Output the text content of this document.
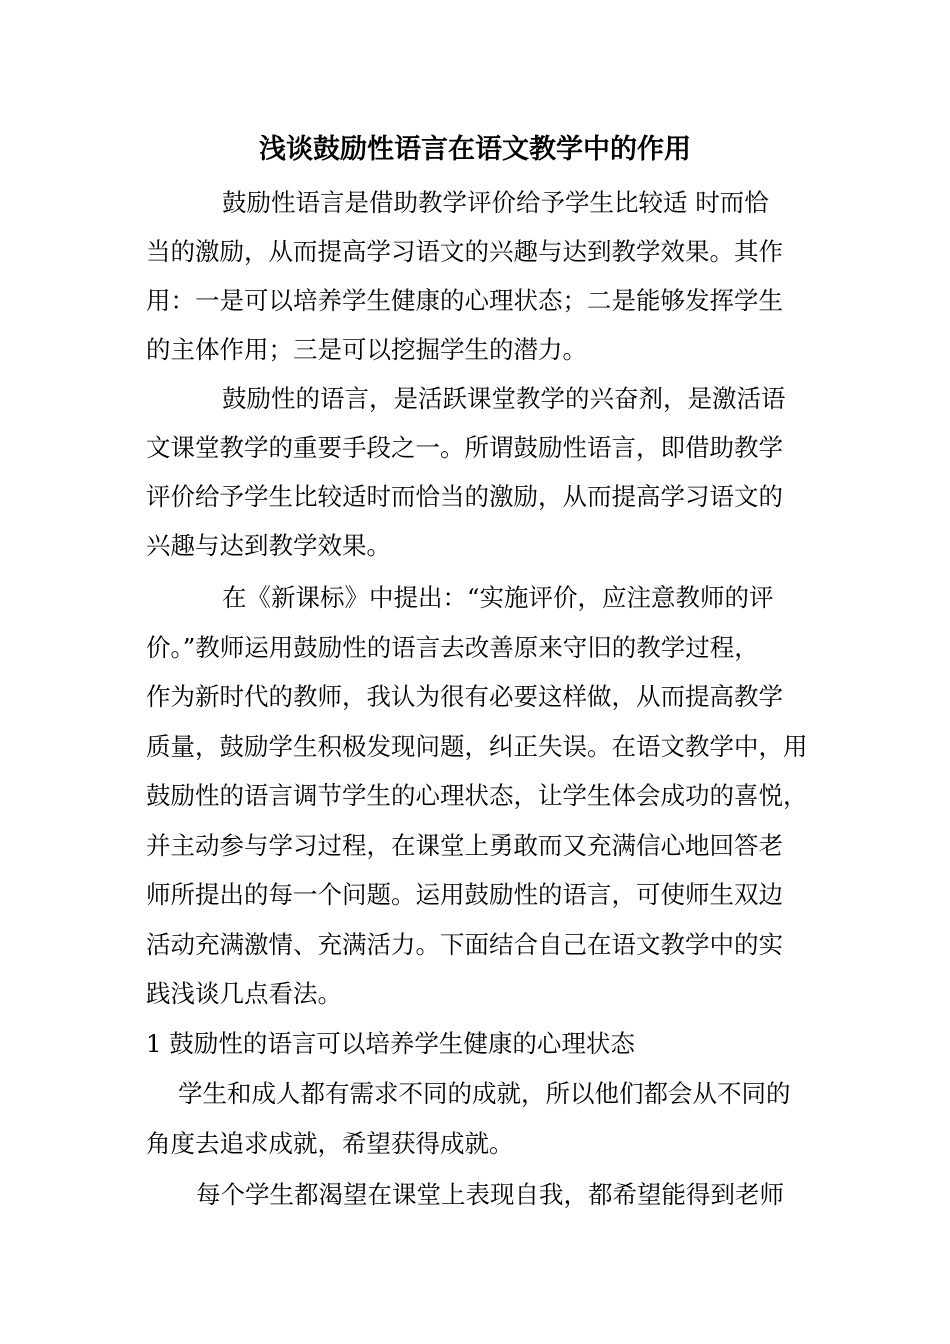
浅谈鼓励性语言在语文教学中的作用

鼓励性语言是借助教学评价给予学生比较适 时而恰

当的激励，从而提高学习语文的兴趣与达到教学效果。其作

用：一是可以培养学生健康的心理状态；二是能够发挥学生

的主体作用；三是可以挖掘学生的潜力。

鼓励性的语言，是活跃课堂教学的兴奋剂，是激活语

文课堂教学的重要手段之一。所谓鼓励性语言，即借助教学

评价给予学生比较适时而恰当的激励，从而提高学习语文的

兴趣与达到教学效果。

在《新课标》中提出：“实施评价，应注意教师的评

价。”教师运用鼓励性的语言去改善原来守旧的教学过程，

作为新时代的教师，我认为很有必要这样做，从而提高教学

质量，鼓励学生积极发现问题，纠正失误。在语文教学中，用

鼓励性的语言调节学生的心理状态，让学生体会成功的喜悦，

并主动参与学习过程，在课堂上勇敢而又充满信心地回答老

师所提出的每一个问题。运用鼓励性的语言，可使师生双边

活动充满激情、充满活力。下面结合自己在语文教学中的实

践浅谈几点看法。

1 鼓励性的语言可以培养学生健康的心理状态

学生和成人都有需求不同的成就，所以他们都会从不同的

角度去追求成就，希望获得成就。

每个学生都渴望在课堂上表现自我，都希望能得到老师
